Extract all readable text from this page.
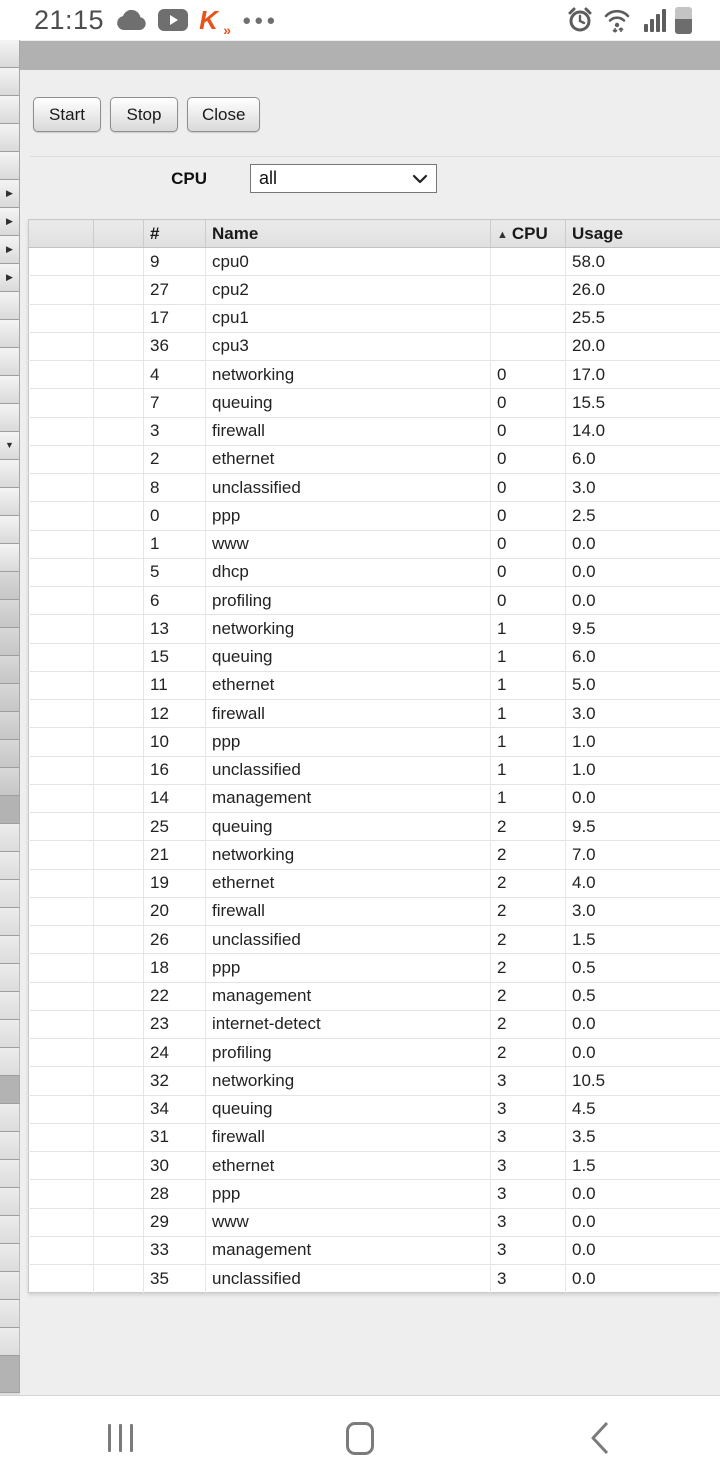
21:15	K »
●●●
▶
▶
▶
▶
▼
Start	Stop	Close
CPU	all
		#	Name	▲ CPU	Usage
		9	cpu0		58.0
		27	cpu2		26.0
		17	cpu1		25.5
		36	cpu3		20.0
		4	networking	0	17.0
		7	queuing	0	15.5
		3	firewall	0	14.0
		2	ethernet	0	6.0
		8	unclassified	0	3.0
		0	ppp	0	2.5
		1	www	0	0.0
		5	dhcp	0	0.0
		6	profiling	0	0.0
		13	networking	1	9.5
		15	queuing	1	6.0
		11	ethernet	1	5.0
		12	firewall	1	3.0
		10	ppp	1	1.0
		16	unclassified	1	1.0
		14	management	1	0.0
		25	queuing	2	9.5
		21	networking	2	7.0
		19	ethernet	2	4.0
		20	firewall	2	3.0
		26	unclassified	2	1.5
		18	ppp	2	0.5
		22	management	2	0.5
		23	internet-detect	2	0.0
		24	profiling	2	0.0
		32	networking	3	10.5
		34	queuing	3	4.5
		31	firewall	3	3.5
		30	ethernet	3	1.5
		28	ppp	3	0.0
		29	www	3	0.0
		33	management	3	0.0
		35	unclassified	3	0.0
